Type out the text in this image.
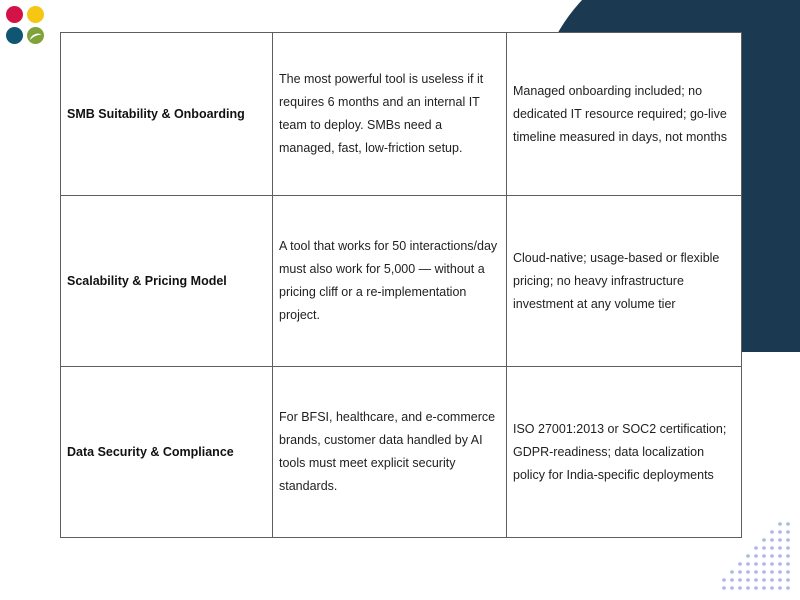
SMB Suitability & Onboarding	The most powerful tool is useless if it requires 6 months and an internal IT team to deploy. SMBs need a managed, fast, low-friction setup.	Managed onboarding included; no dedicated IT resource required; go-live timeline measured in days, not months
Scalability & Pricing Model	A tool that works for 50 interactions/day must also work for 5,000 — without a pricing cliff or a re-implementation project.	Cloud-native; usage-based or flexible pricing; no heavy infrastructure investment at any volume tier
Data Security & Compliance	For BFSI, healthcare, and e-commerce brands, customer data handled by AI tools must meet explicit security standards.	ISO 27001:2013 or SOC2 certification; GDPR-readiness; data localization policy for India-specific deployments
